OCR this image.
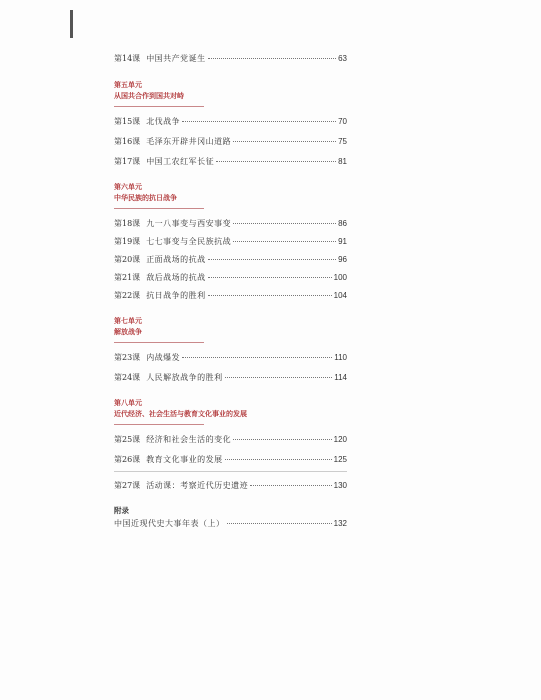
第14课 中国共产党诞生	63
第五单元
从国共合作到国共对峙
第15课 北伐战争	70
第16课 毛泽东开辟井冈山道路	75
第17课 中国工农红军长征	81
第六单元
中华民族的抗日战争
第18课 九一八事变与西安事变	86
第19课 七七事变与全民族抗战	91
第20课 正面战场的抗战	96
第21课 敌后战场的抗战	100
第22课 抗日战争的胜利	104
第七单元
解放战争
第23课 内战爆发	110
第24课 人民解放战争的胜利	114
第八单元
近代经济、社会生活与教育文化事业的发展
第25课 经济和社会生活的变化	120
第26课 教育文化事业的发展	125
第27课 活动课：考察近代历史遗迹	130
附录
中国近现代史大事年表（上）	132
